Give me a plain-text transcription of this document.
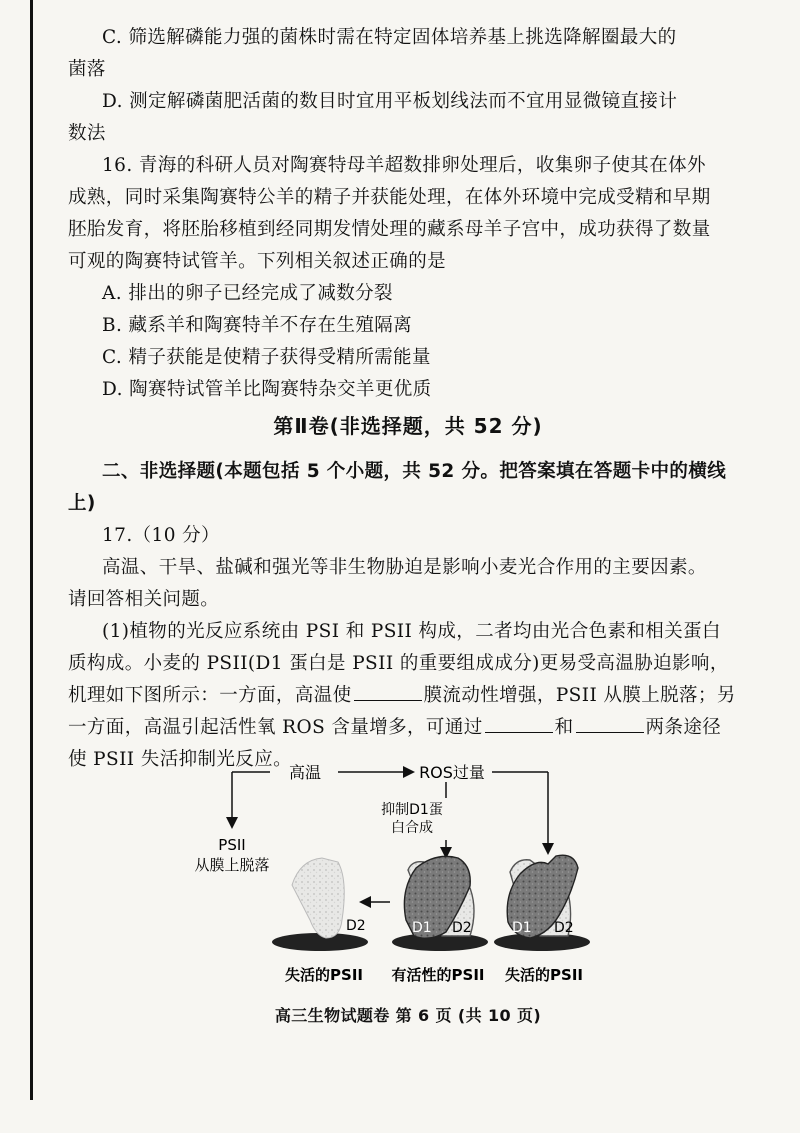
C. 筛选解磷能力强的菌株时需在特定固体培养基上挑选降解圈最大的
菌落
D. 测定解磷菌肥活菌的数目时宜用平板划线法而不宜用显微镜直接计
数法
16. 青海的科研人员对陶赛特母羊超数排卵处理后，收集卵子使其在体外
成熟，同时采集陶赛特公羊的精子并获能处理，在体外环境中完成受精和早期
胚胎发育，将胚胎移植到经同期发情处理的藏系母羊子宫中，成功获得了数量
可观的陶赛特试管羊。下列相关叙述正确的是
A. 排出的卵子已经完成了减数分裂
B. 藏系羊和陶赛特羊不存在生殖隔离
C. 精子获能是使精子获得受精所需能量
D. 陶赛特试管羊比陶赛特杂交羊更优质
第Ⅱ卷(非选择题，共 52 分)
二、非选择题(本题包括 5 个小题，共 52 分。把答案填在答题卡中的横线
上)
17.（10 分）
高温、干旱、盐碱和强光等非生物胁迫是影响小麦光合作用的主要因素。
请回答相关问题。
(1)植物的光反应系统由 PSI 和 PSII 构成，二者均由光合色素和相关蛋白
质构成。小麦的 PSII(D1 蛋白是 PSII 的重要组成成分)更易受高温胁迫影响，
机理如下图所示：一方面，高温使	膜流动性增强，PSII 从膜上脱落；另
一方面，高温引起活性氧 ROS 含量增多，可通过	和	两条途径
使 PSII 失活抑制光反应。
高温	ROS过量
抑制D1蛋
白合成
PSII
从膜上脱落
D2	D1 D2	D1 D2
失活的PSII 有活性的PSII 失活的PSII
高三生物试题卷 第 6 页 (共 10 页)
